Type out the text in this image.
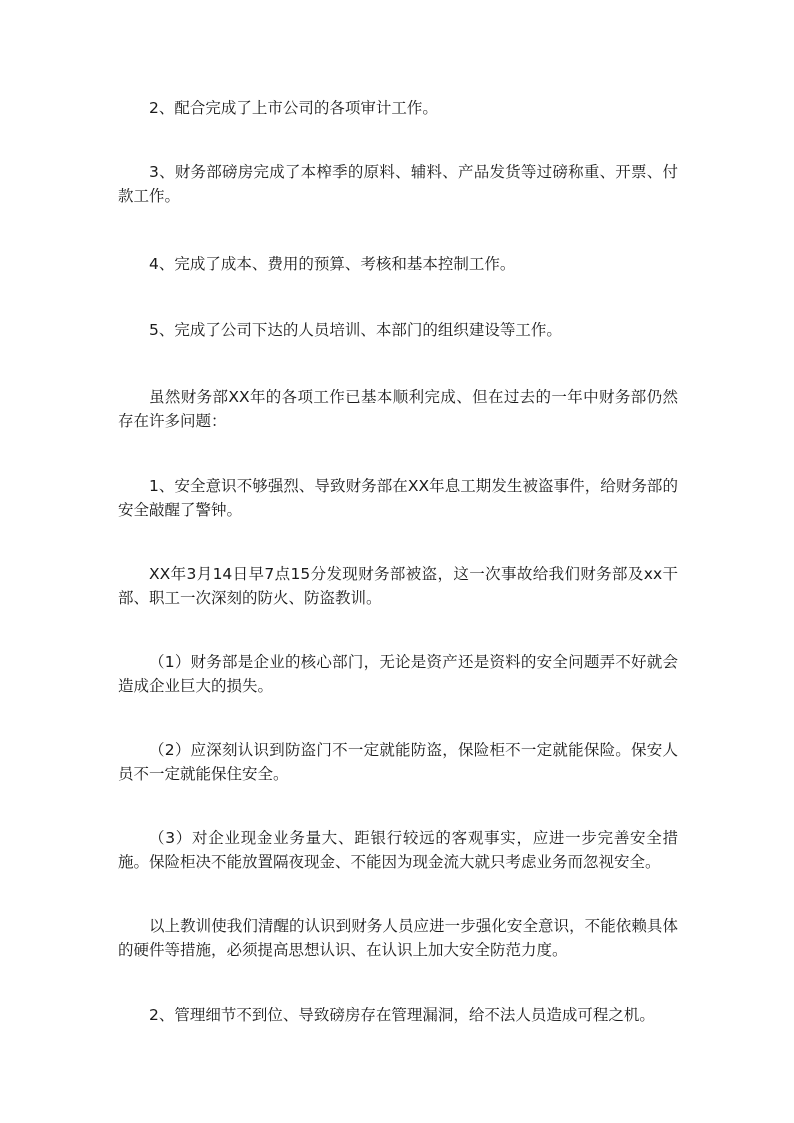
2、配合完成了上市公司的各项审计工作。

3、财务部磅房完成了本榨季的原料、辅料、产品发货等过磅称重、开票、付款工作。

4、完成了成本、费用的预算、考核和基本控制工作。

5、完成了公司下达的人员培训、本部门的组织建设等工作。

虽然财务部XX年的各项工作已基本顺利完成、但在过去的一年中财务部仍然存在许多问题：

1、安全意识不够强烈、导致财务部在XX年息工期发生被盗事件，给财务部的安全敲醒了警钟。

XX年3月14日早7点15分发现财务部被盗，这一次事故给我们财务部及xx干部、职工一次深刻的防火、防盗教训。

（1）财务部是企业的核心部门，无论是资产还是资料的安全问题弄不好就会造成企业巨大的损失。

（2）应深刻认识到防盗门不一定就能防盗，保险柜不一定就能保险。保安人员不一定就能保住安全。

（3）对企业现金业务量大、距银行较远的客观事实，应进一步完善安全措施。保险柜决不能放置隔夜现金、不能因为现金流大就只考虑业务而忽视安全。

以上教训使我们清醒的认识到财务人员应进一步强化安全意识，不能依赖具体的硬件等措施，必须提高思想认识、在认识上加大安全防范力度。

2、管理细节不到位、导致磅房存在管理漏洞，给不法人员造成可程之机。
